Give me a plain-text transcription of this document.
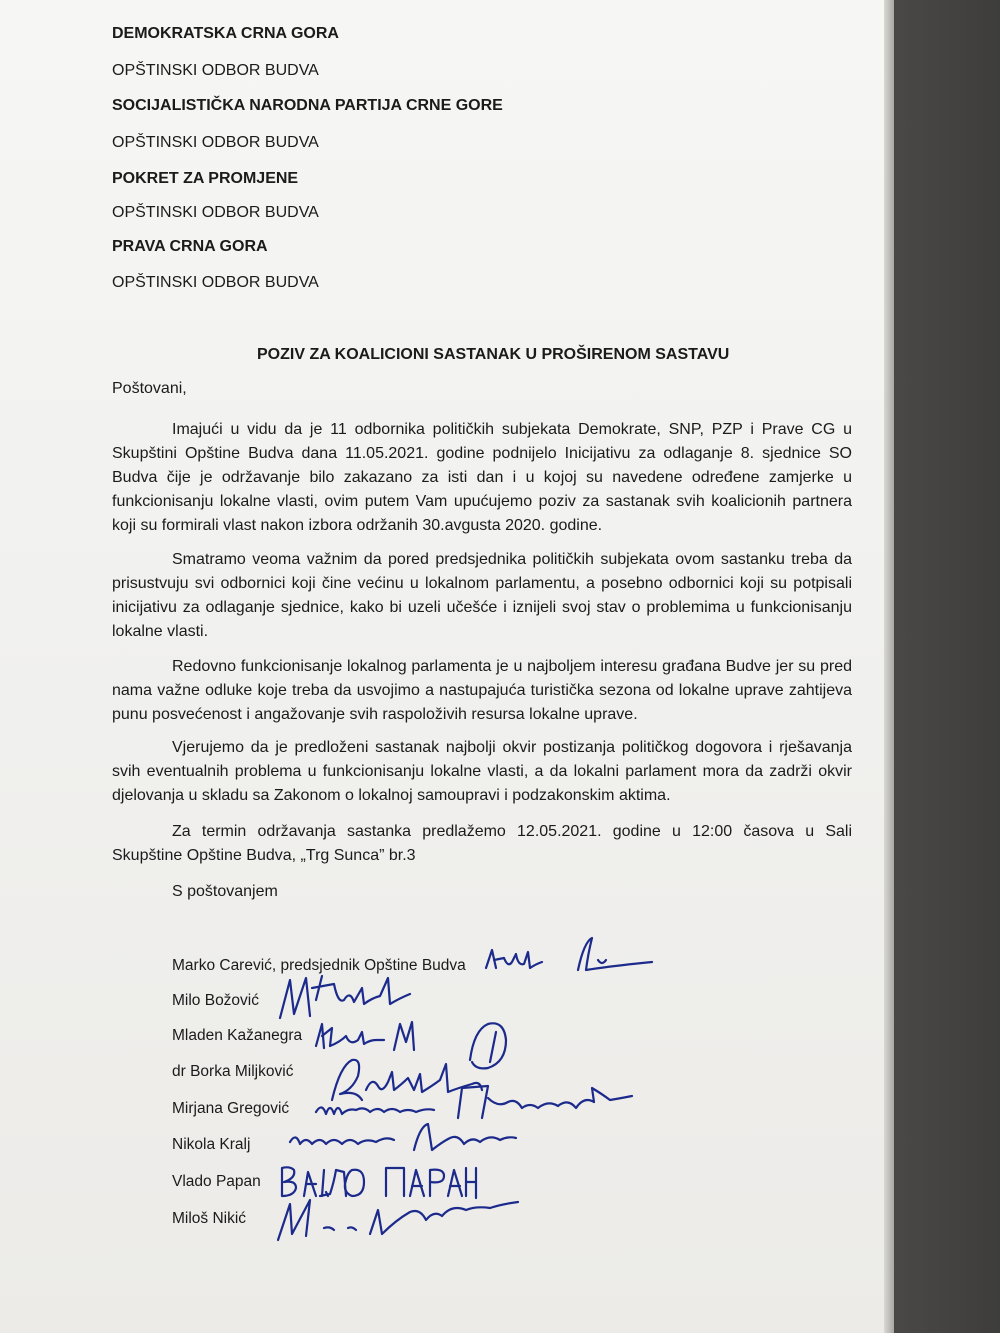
DEMOKRATSKA CRNA GORA
OPŠTINSKI ODBOR BUDVA
SOCIJALISTIČKA NARODNA PARTIJA CRNE GORE
OPŠTINSKI ODBOR BUDVA
POKRET ZA PROMJENE
OPŠTINSKI ODBOR BUDVA
PRAVA CRNA GORA
OPŠTINSKI ODBOR BUDVA
POZIV ZA KOALICIONI SASTANAK U PROŠIRENOM SASTAVU
Poštovani,
Imajući u vidu da je 11 odbornika političkih subjekata Demokrate, SNP, PZP i Prave CG u Skupštini Opštine Budva dana 11.05.2021. godine podnijelo Inicijativu za odlaganje 8. sjednice SO Budva čije je održavanje bilo zakazano za isti dan i u kojoj su navedene određene zamjerke u funkcionisanju lokalne vlasti, ovim putem Vam upućujemo poziv za sastanak svih koalicionih partnera koji su formirali vlast nakon izbora održanih 30.avgusta 2020. godine.
Smatramo veoma važnim da pored predsjednika političkih subjekata ovom sastanku treba da prisustvuju svi odbornici koji čine većinu u lokalnom parlamentu, a posebno odbornici koji su potpisali inicijativu za odlaganje sjednice, kako bi uzeli učešće i iznijeli svoj stav o problemima u funkcionisanju lokalne vlasti.
Redovno funkcionisanje lokalnog parlamenta je u najboljem interesu građana Budve jer su pred nama važne odluke koje treba da usvojimo a nastupajuća turistička sezona od lokalne uprave zahtijeva punu posvećenost i angažovanje svih raspoloživih resursa lokalne uprave.
Vjerujemo da je predloženi sastanak najbolji okvir postizanja političkog dogovora i rješavanja svih eventualnih problema u funkcionisanju lokalne vlasti, a da lokalni parlament mora da zadrži okvir djelovanja u skladu sa Zakonom o lokalnoj samoupravi i podzakonskim aktima.
Za termin održavanja sastanka predlažemo 12.05.2021. godine u 12:00 časova u Sali Skupštine Opštine Budva, „Trg Sunca” br.3
S poštovanjem
Marko Carević, predsjednik Opštine Budva
Milo Božović
Mladen Kažanegra
dr Borka Miljković
Mirjana Gregović
Nikola Kralj
Vlado Papan
Miloš Nikić
